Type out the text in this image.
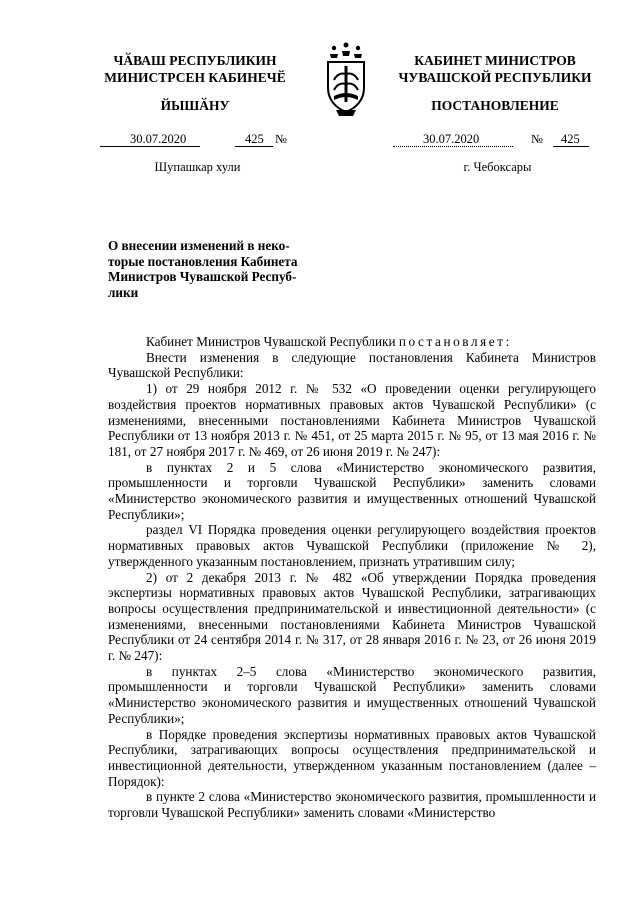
ЧӐВАШ РЕСПУБЛИКИН
МИНИСТРСЕН КАБИНЕЧӖ
ЙЫШӐНУ
КАБИНЕТ МИНИСТРОВ
ЧУВАШСКОЙ РЕСПУБЛИКИ
ПОСТАНОВЛЕНИЕ
30.07.2020	425 №	30.07.2020	№ 425
Шупашкар хули	г. Чебоксары
О внесении изменений в неко-
торые постановления Кабинета
Министров Чувашской Респуб-
лики

Кабинет Министров Чувашской Республики постановляет:

Внести изменения в следующие постановления Кабинета Министров Чувашской Республики:

1) от 29 ноября 2012 г. № 532 «О проведении оценки регулирующего воздействия проектов нормативных правовых актов Чувашской Республики» (с изменениями, внесенными постановлениями Кабинета Министров Чувашской Республики от 13 ноября 2013 г. № 451, от 25 марта 2015 г. № 95, от 13 мая 2016 г. № 181, от 27 ноября 2017 г. № 469, от 26 июня 2019 г. № 247):

в пунктах 2 и 5 слова «Министерство экономического развития, промышленности и торговли Чувашской Республики» заменить словами «Министерство экономического развития и имущественных отношений Чувашской Республики»;

раздел VI Порядка проведения оценки регулирующего воздействия проектов нормативных правовых актов Чувашской Республики (приложение № 2), утвержденного указанным постановлением, признать утратившим силу;

2) от 2 декабря 2013 г. № 482 «Об утверждении Порядка проведения экспертизы нормативных правовых актов Чувашской Республики, затрагивающих вопросы осуществления предпринимательской и инвестиционной деятельности» (с изменениями, внесенными постановлениями Кабинета Министров Чувашской Республики от 24 сентября 2014 г. № 317, от 28 января 2016 г. № 23, от 26 июня 2019 г. № 247):

в пунктах 2–5 слова «Министерство экономического развития, промышленности и торговли Чувашской Республики» заменить словами «Министерство экономического развития и имущественных отношений Чувашской Республики»;

в Порядке проведения экспертизы нормативных правовых актов Чувашской Республики, затрагивающих вопросы осуществления предпринимательской и инвестиционной деятельности, утвержденном указанным постановлением (далее – Порядок):

в пункте 2 слова «Министерство экономического развития, промышленности и торговли Чувашской Республики» заменить словами «Министерство
